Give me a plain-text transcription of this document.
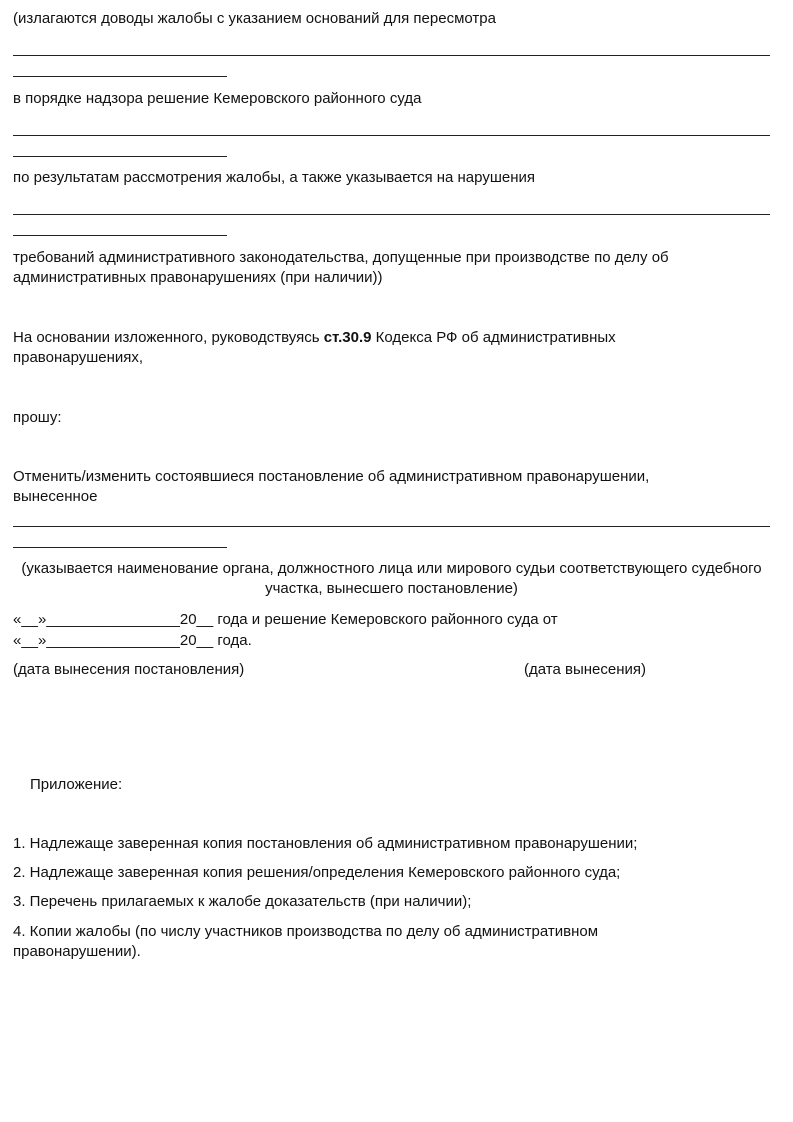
(излагаются доводы жалобы с указанием оснований для пересмотра

в порядке надзора решение Кемеровского районного суда

по результатам рассмотрения жалобы, а также указывается на нарушения

требований административного законодательства, допущенные при производстве по делу об административных правонарушениях (при наличии))

На основании изложенного, руководствуясь ст.30.9 Кодекса РФ об административных правонарушениях,

прошу:

Отменить/изменить состоявшиеся постановление об административном правонарушении, вынесенное

(указывается наименование органа, должностного лица или мирового судьи соответствующего судебного участка, вынесшего постановление)

«__»________________20__ года и решение Кемеровского районного суда от

«__»________________20__ года.

(дата вынесения постановления)	(дата вынесения)

Приложение:

1. Надлежаще заверенная копия постановления об административном правонарушении;

2. Надлежаще заверенная копия решения/определения Кемеровского районного суда;

3. Перечень прилагаемых к жалобе доказательств (при наличии);

4. Копии жалобы (по числу участников производства по делу об административном правонарушении).
